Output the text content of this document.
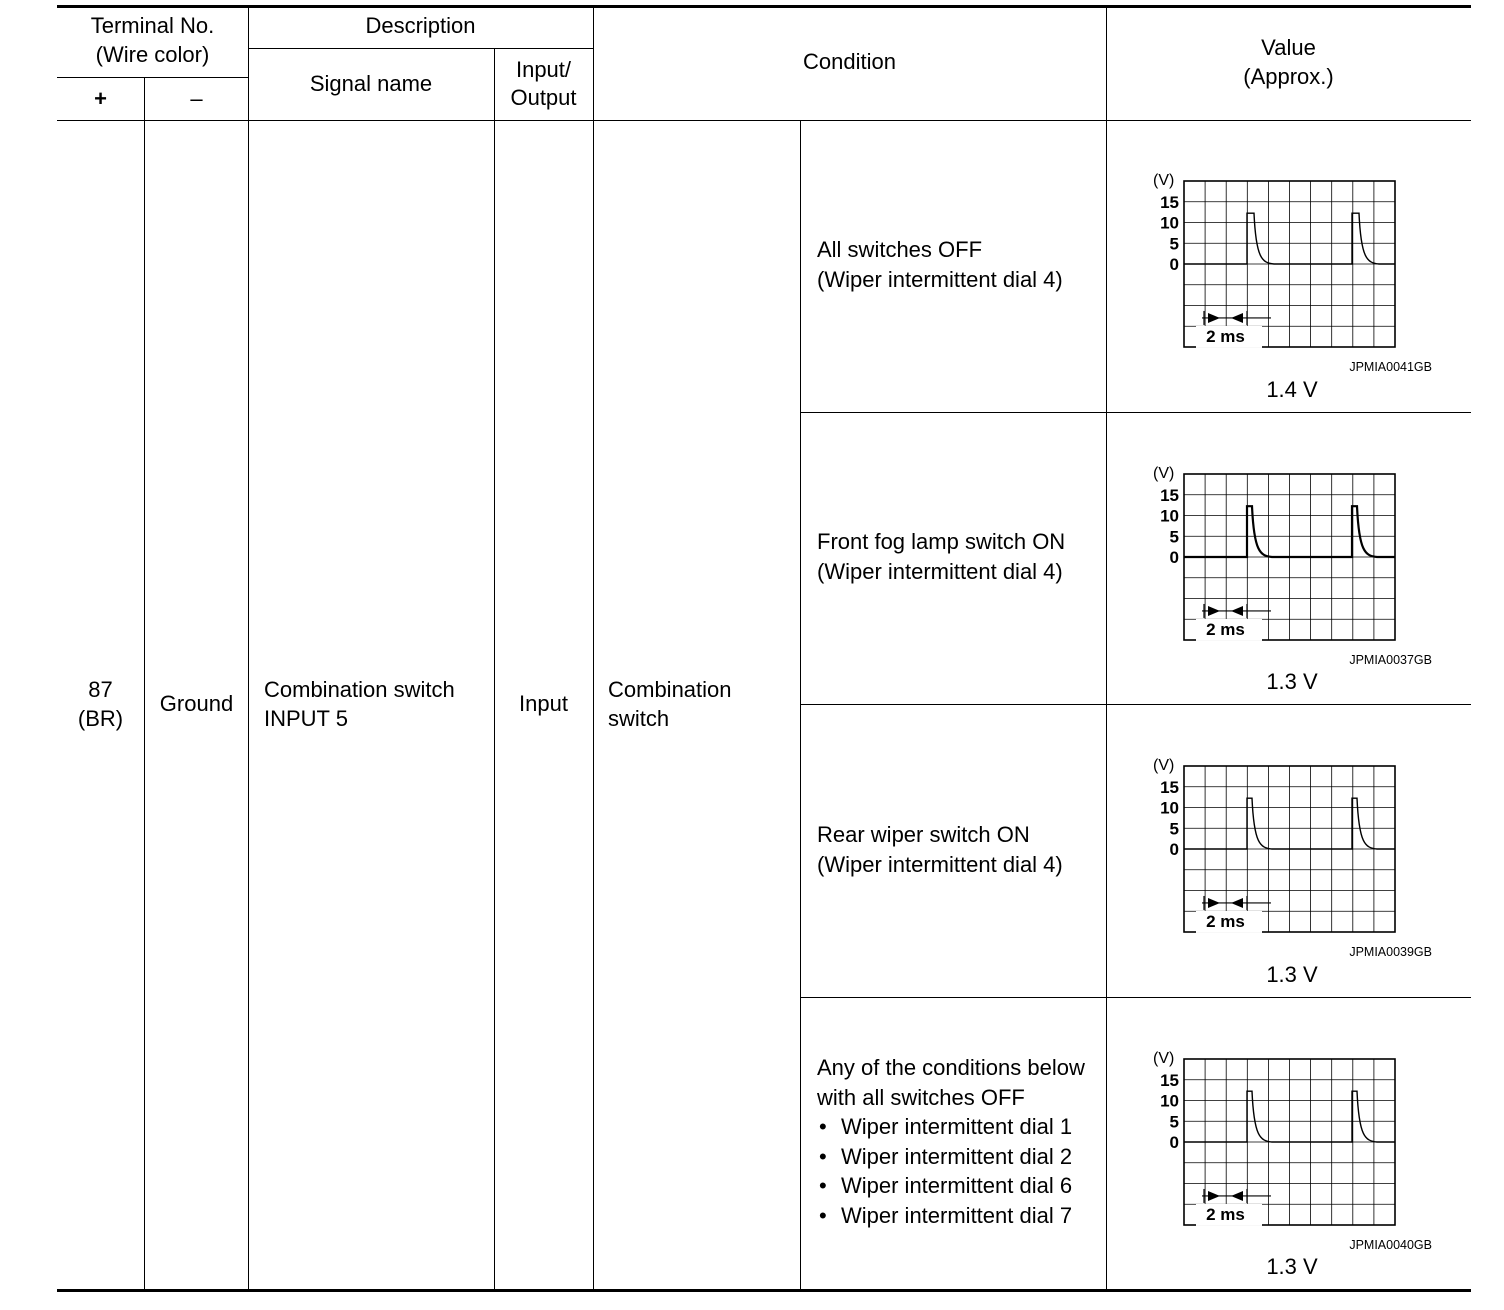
Terminal No.
(Wire color)
+	–
Description
Signal name
Input/
Output
Condition
Value
(Approx.)
87
(BR)
Ground
Combination switch
INPUT 5
Input
Combination
switch
All switches OFF
(Wiper intermittent dial 4)
Front fog lamp switch ON
(Wiper intermittent dial 4)
Rear wiper switch ON
(Wiper intermittent dial 4)
Any of the conditions below
with all switches OFF
• Wiper intermittent dial 1
• Wiper intermittent dial 2
• Wiper intermittent dial 6
• Wiper intermittent dial 7
(V)
15
10
5
0
2 ms
JPMIA0041GB
(V)
15
10
5
0
2 ms
JPMIA0037GB
(V)
15
10
5
0
2 ms
JPMIA0039GB
(V)
15
10
5
0
2 ms
JPMIA0040GB
1.4 V
1.3 V
1.3 V
1.3 V
